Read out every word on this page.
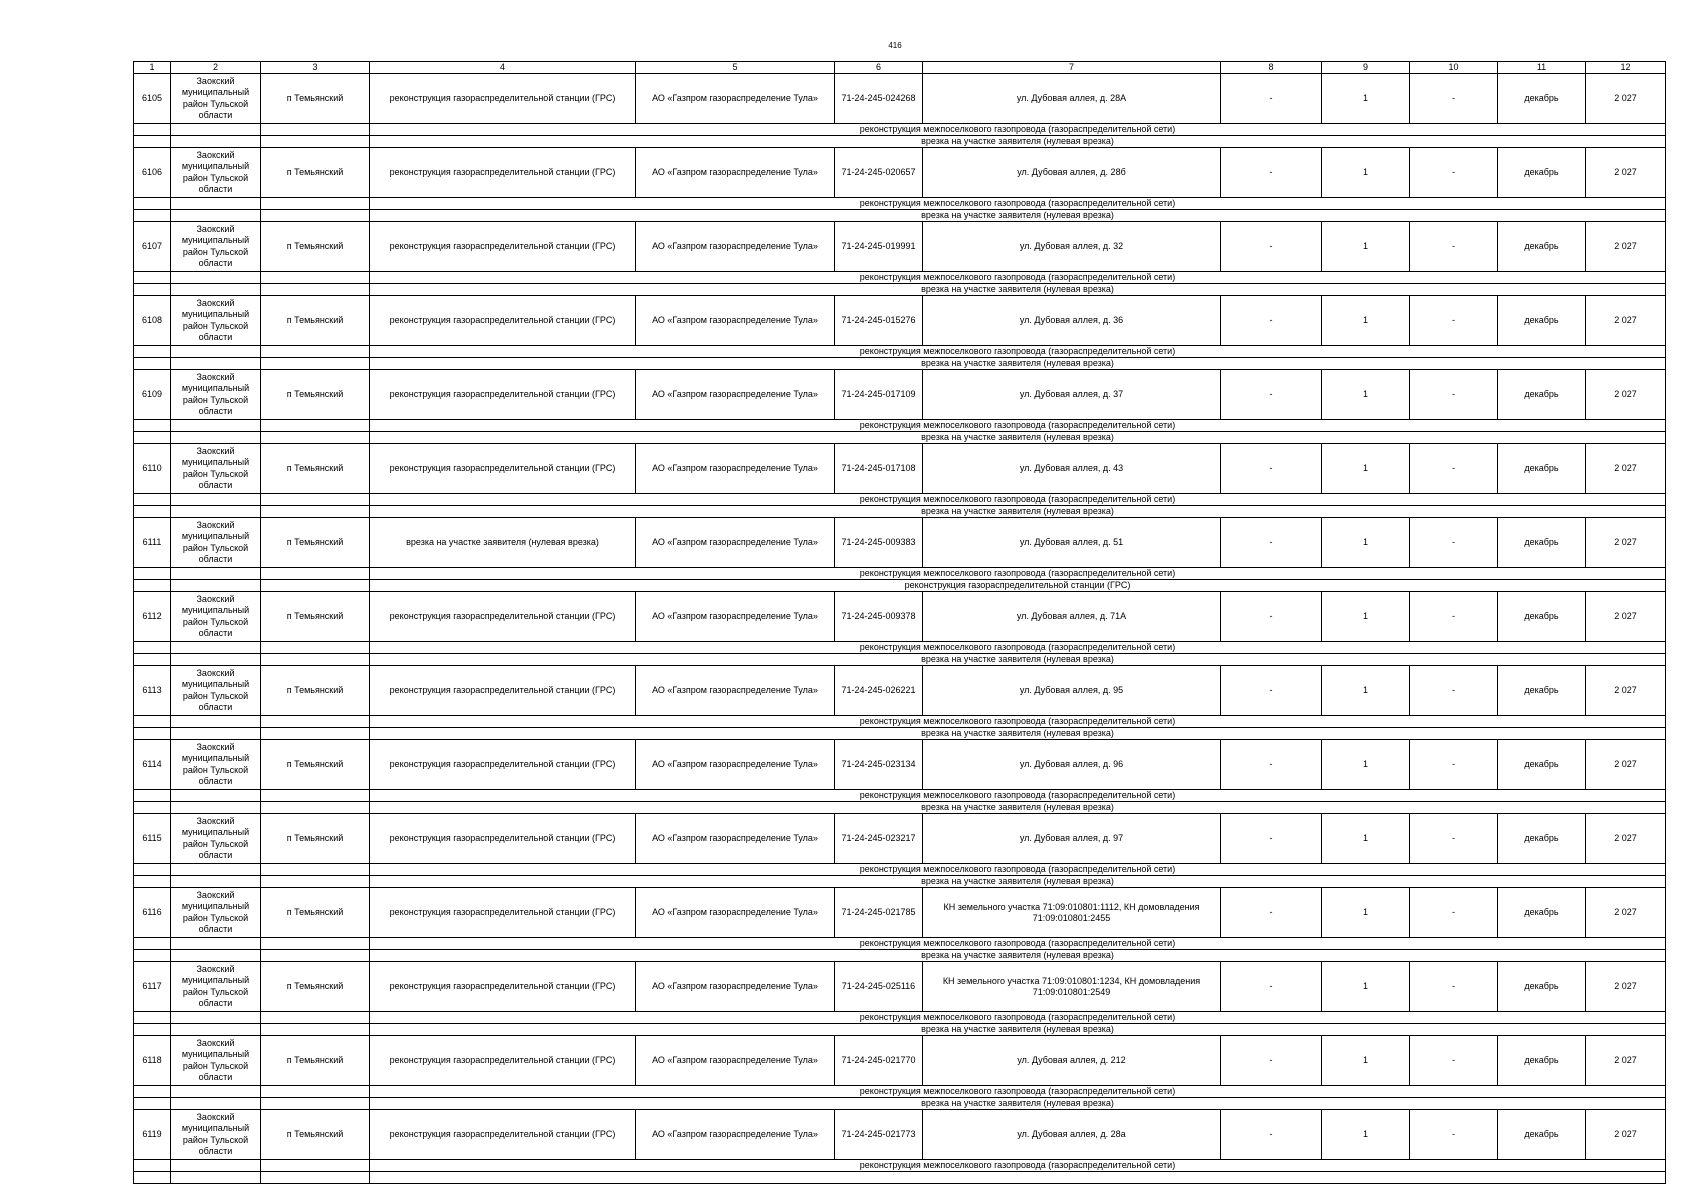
416
1	2	3	4	5	6	7	8	9	10	11	12
6105	Заокский муниципальный район Тульской области	п Темьянский	реконструкция газораспределительной станции (ГРС)	АО «Газпром газораспределение Тула»	71-24-245-024268	ул. Дубовая аллея, д. 28А	-	1	-	декабрь	2 027
			реконструкция межпоселкового газопровода (газораспределительной сети)								
			врезка на участке заявителя (нулевая врезка)								
6106	Заокский муниципальный район Тульской области	п Темьянский	реконструкция газораспределительной станции (ГРС)	АО «Газпром газораспределение Тула»	71-24-245-020657	ул. Дубовая аллея, д. 28б	-	1	-	декабрь	2 027
			реконструкция межпоселкового газопровода (газораспределительной сети)								
			врезка на участке заявителя (нулевая врезка)								
6107	Заокский муниципальный район Тульской области	п Темьянский	реконструкция газораспределительной станции (ГРС)	АО «Газпром газораспределение Тула»	71-24-245-019991	ул. Дубовая аллея, д. 32	-	1	-	декабрь	2 027
			реконструкция межпоселкового газопровода (газораспределительной сети)								
			врезка на участке заявителя (нулевая врезка)								
6108	Заокский муниципальный район Тульской области	п Темьянский	реконструкция газораспределительной станции (ГРС)	АО «Газпром газораспределение Тула»	71-24-245-015276	ул. Дубовая аллея, д. 36	-	1	-	декабрь	2 027
			реконструкция межпоселкового газопровода (газораспределительной сети)								
			врезка на участке заявителя (нулевая врезка)								
6109	Заокский муниципальный район Тульской области	п Темьянский	реконструкция газораспределительной станции (ГРС)	АО «Газпром газораспределение Тула»	71-24-245-017109	ул. Дубовая аллея, д. 37	-	1	-	декабрь	2 027
			реконструкция межпоселкового газопровода (газораспределительной сети)								
			врезка на участке заявителя (нулевая врезка)								
6110	Заокский муниципальный район Тульской области	п Темьянский	реконструкция газораспределительной станции (ГРС)	АО «Газпром газораспределение Тула»	71-24-245-017108	ул. Дубовая аллея, д. 43	-	1	-	декабрь	2 027
			реконструкция межпоселкового газопровода (газораспределительной сети)								
			врезка на участке заявителя (нулевая врезка)								
6111	Заокский муниципальный район Тульской области	п Темьянский	врезка на участке заявителя (нулевая врезка)	АО «Газпром газораспределение Тула»	71-24-245-009383	ул. Дубовая аллея, д. 51	-	1	-	декабрь	2 027
			реконструкция межпоселкового газопровода (газораспределительной сети)								
			реконструкция газораспределительной станции (ГРС)								
6112	Заокский муниципальный район Тульской области	п Темьянский	реконструкция газораспределительной станции (ГРС)	АО «Газпром газораспределение Тула»	71-24-245-009378	ул. Дубовая аллея, д. 71А	-	1	-	декабрь	2 027
			реконструкция межпоселкового газопровода (газораспределительной сети)								
			врезка на участке заявителя (нулевая врезка)								
6113	Заокский муниципальный район Тульской области	п Темьянский	реконструкция газораспределительной станции (ГРС)	АО «Газпром газораспределение Тула»	71-24-245-026221	ул. Дубовая аллея, д. 95	-	1	-	декабрь	2 027
			реконструкция межпоселкового газопровода (газораспределительной сети)								
			врезка на участке заявителя (нулевая врезка)								
6114	Заокский муниципальный район Тульской области	п Темьянский	реконструкция газораспределительной станции (ГРС)	АО «Газпром газораспределение Тула»	71-24-245-023134	ул. Дубовая аллея, д. 96	-	1	-	декабрь	2 027
			реконструкция межпоселкового газопровода (газораспределительной сети)								
			врезка на участке заявителя (нулевая врезка)								
6115	Заокский муниципальный район Тульской области	п Темьянский	реконструкция газораспределительной станции (ГРС)	АО «Газпром газораспределение Тула»	71-24-245-023217	ул. Дубовая аллея, д. 97	-	1	-	декабрь	2 027
			реконструкция межпоселкового газопровода (газораспределительной сети)								
			врезка на участке заявителя (нулевая врезка)								
6116	Заокский муниципальный район Тульской области	п Темьянский	реконструкция газораспределительной станции (ГРС)	АО «Газпром газораспределение Тула»	71-24-245-021785	КН земельного участка 71:09:010801:1112, КН домовладения 71:09:010801:2455	-	1	-	декабрь	2 027
			реконструкция межпоселкового газопровода (газораспределительной сети)								
			врезка на участке заявителя (нулевая врезка)								
6117	Заокский муниципальный район Тульской области	п Темьянский	реконструкция газораспределительной станции (ГРС)	АО «Газпром газораспределение Тула»	71-24-245-025116	КН земельного участка 71:09:010801:1234, КН домовладения 71:09:010801:2549	-	1	-	декабрь	2 027
			реконструкция межпоселкового газопровода (газораспределительной сети)								
			врезка на участке заявителя (нулевая врезка)								
6118	Заокский муниципальный район Тульской области	п Темьянский	реконструкция газораспределительной станции (ГРС)	АО «Газпром газораспределение Тула»	71-24-245-021770	ул. Дубовая аллея, д. 212	-	1	-	декабрь	2 027
			реконструкция межпоселкового газопровода (газораспределительной сети)								
			врезка на участке заявителя (нулевая врезка)								
6119	Заокский муниципальный район Тульской области	п Темьянский	реконструкция газораспределительной станции (ГРС)	АО «Газпром газораспределение Тула»	71-24-245-021773	ул. Дубовая аллея, д. 28а	-	1	-	декабрь	2 027
			реконструкция межпоселкового газопровода (газораспределительной сети)								
